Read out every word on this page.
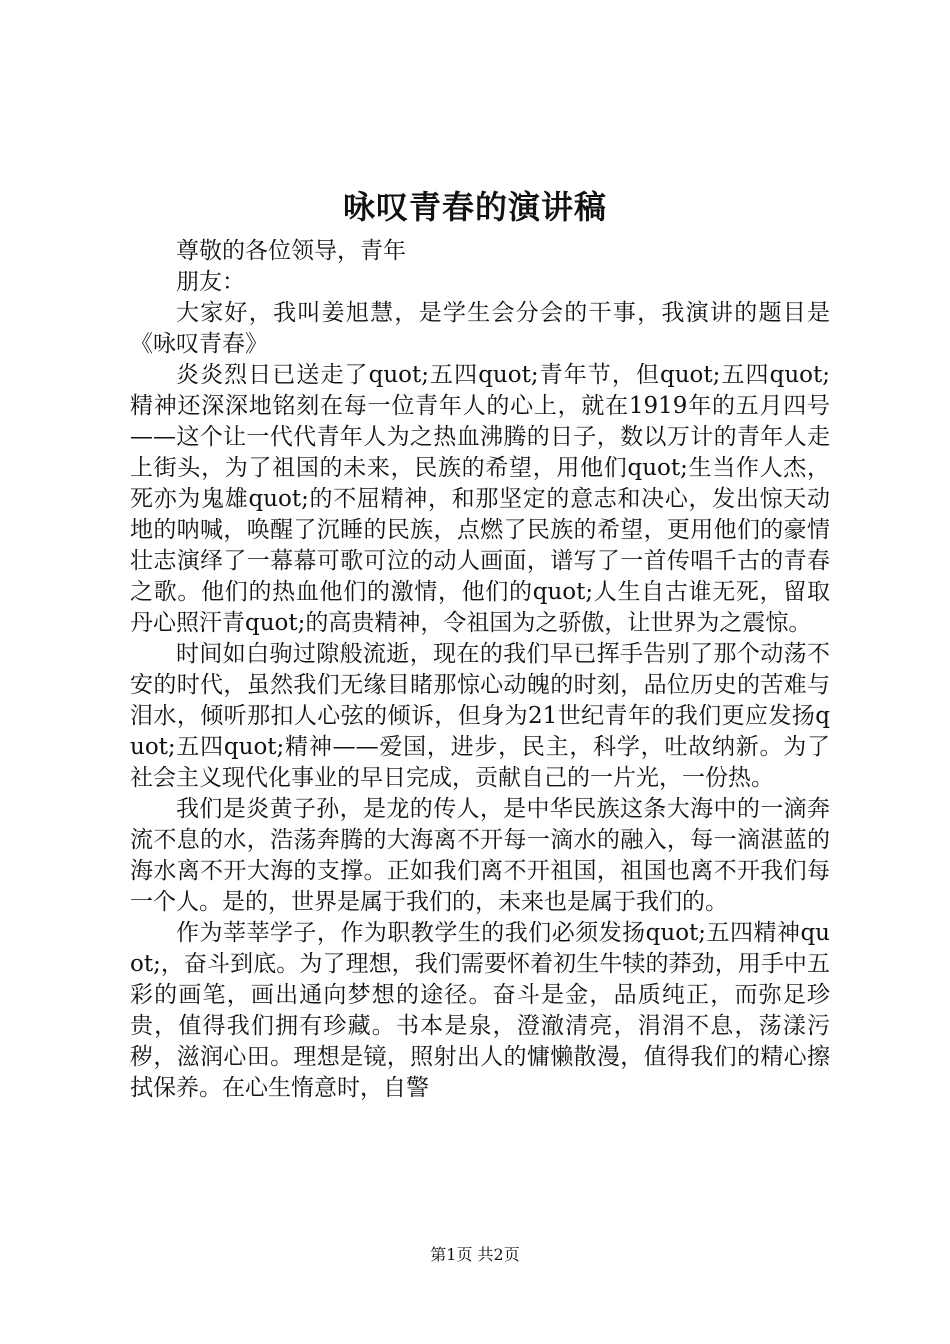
咏叹青春的演讲稿

尊敬的各位领导，青年

朋友：

大家好，我叫姜旭慧，是学生会分会的干事，我演讲的题目是《咏叹青春》

炎炎烈日已送走了quot;五四quot;青年节，但quot;五四quot;精神还深深地铭刻在每一位青年人的心上，就在1919年的五月四号——这个让一代代青年人为之热血沸腾的日子，数以万计的青年人走上街头，为了祖国的未来，民族的希望，用他们quot;生当作人杰，死亦为鬼雄quot;的不屈精神，和那坚定的意志和决心，发出惊天动地的呐喊，唤醒了沉睡的民族，点燃了民族的希望，更用他们的豪情壮志演绎了一幕幕可歌可泣的动人画面，谱写了一首传唱千古的青春之歌。他们的热血他们的激情，他们的quot;人生自古谁无死，留取丹心照汗青quot;的高贵精神，令祖国为之骄傲，让世界为之震惊。

时间如白驹过隙般流逝，现在的我们早已挥手告别了那个动荡不安的时代，虽然我们无缘目睹那惊心动魄的时刻，品位历史的苦难与泪水，倾听那扣人心弦的倾诉，但身为21世纪青年的我们更应发扬quot;五四quot;精神——爱国，进步，民主，科学，吐故纳新。为了社会主义现代化事业的早日完成，贡献自己的一片光，一份热。

我们是炎黄子孙，是龙的传人，是中华民族这条大海中的一滴奔流不息的水，浩荡奔腾的大海离不开每一滴水的融入，每一滴湛蓝的海水离不开大海的支撑。正如我们离不开祖国，祖国也离不开我们每一个人。是的，世界是属于我们的，未来也是属于我们的。

作为莘莘学子，作为职教学生的我们必须发扬quot;五四精神quot;，奋斗到底。为了理想，我们需要怀着初生牛犊的莽劲，用手中五彩的画笔，画出通向梦想的途径。奋斗是金，品质纯正，而弥足珍贵，值得我们拥有珍藏。书本是泉，澄澈清亮，涓涓不息，荡漾污秽，滋润心田。理想是镜，照射出人的慵懒散漫，值得我们的精心擦拭保养。在心生惰意时，自警

第1页 共2页
